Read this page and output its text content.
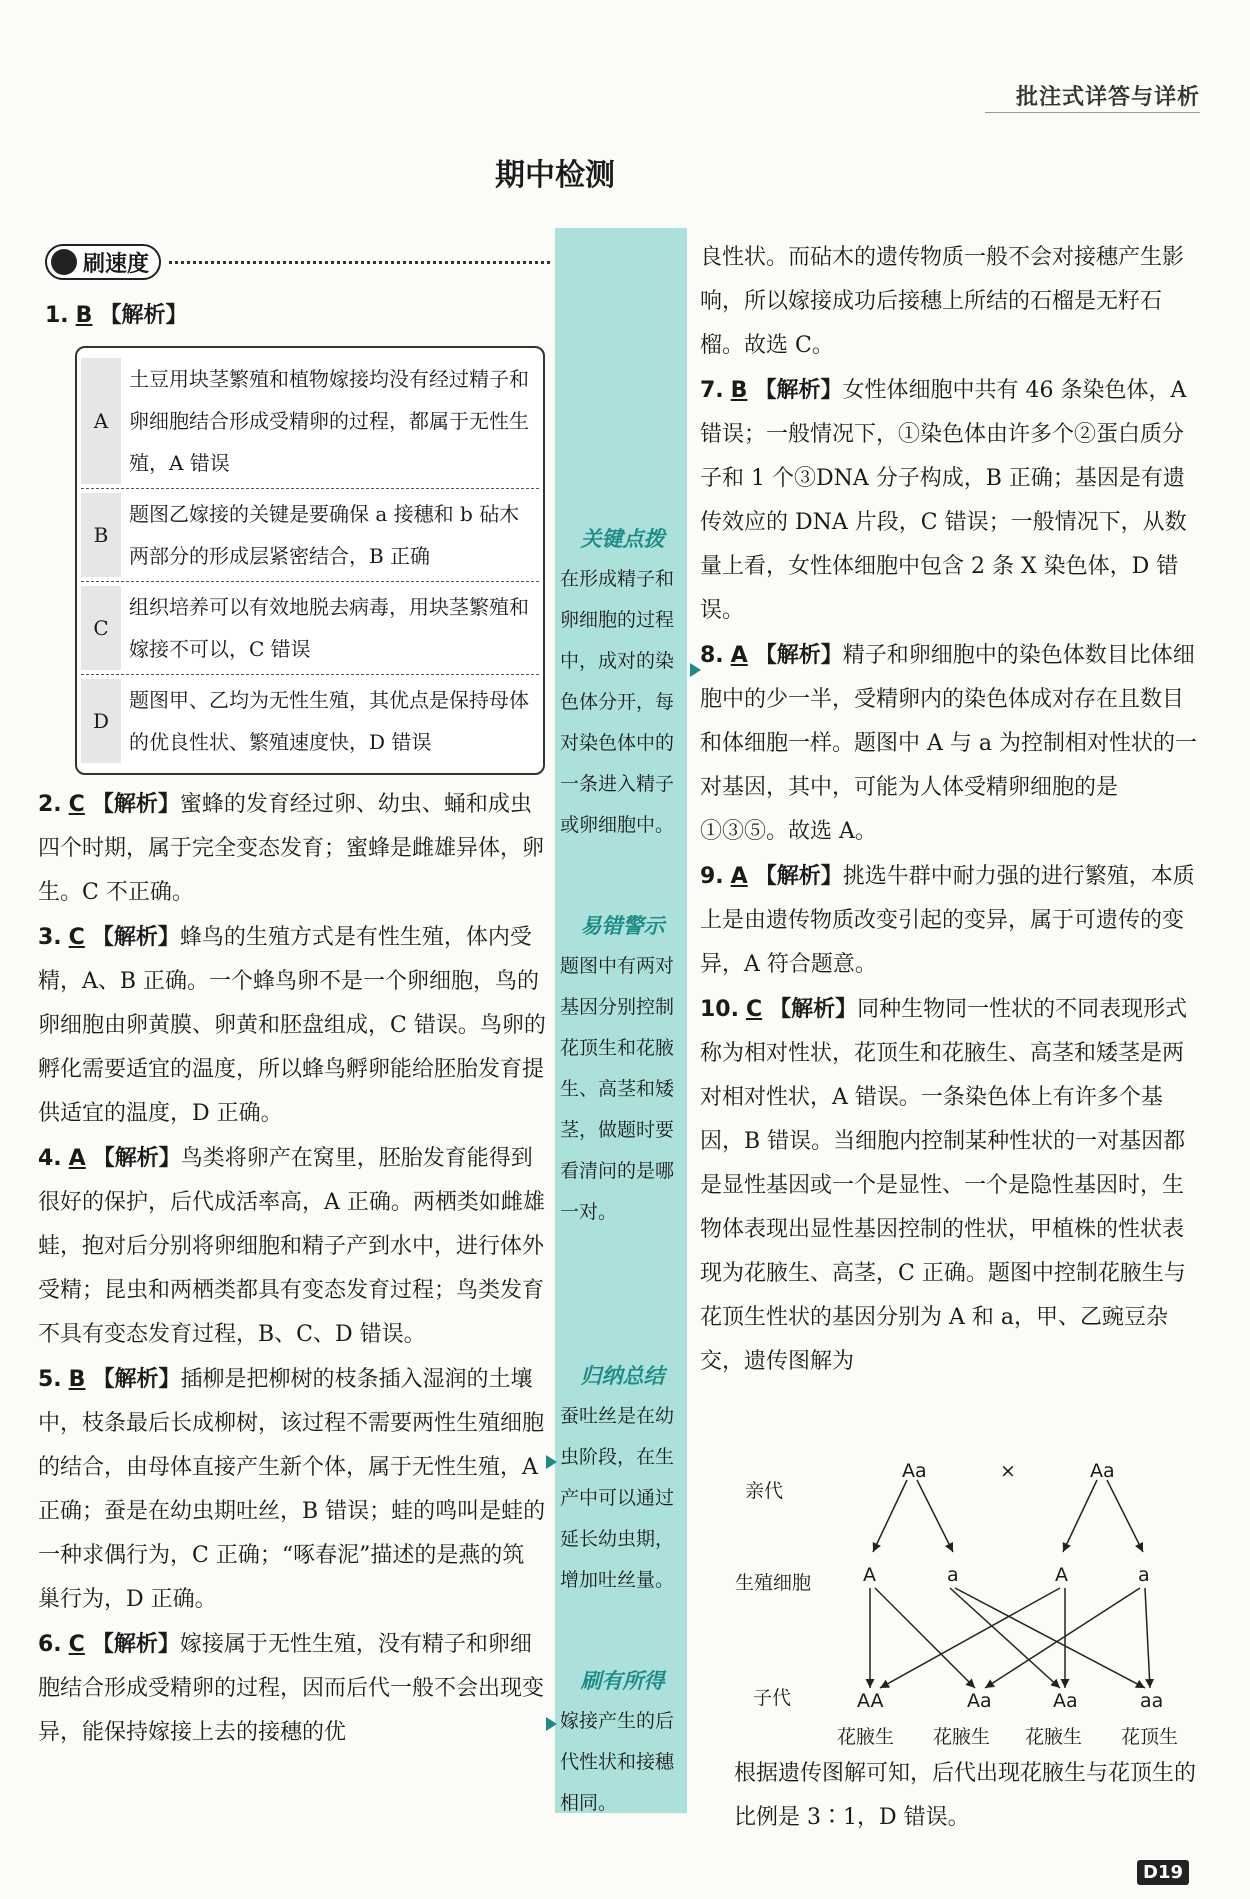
批注式详答与详析
期中检测
刷速度
1. B 【解析】
A
土豆用块茎繁殖和植物嫁接均没有经过精子和卵细胞结合形成受精卵的过程，都属于无性生殖，A 错误
B
题图乙嫁接的关键是要确保 a 接穗和 b 砧木两部分的形成层紧密结合，B 正确
C
组织培养可以有效地脱去病毒，用块茎繁殖和嫁接不可以，C 错误
D
题图甲、乙均为无性生殖，其优点是保持母体的优良性状、繁殖速度快，D 错误

2. C 【解析】蜜蜂的发育经过卵、幼虫、蛹和成虫四个时期，属于完全变态发育；蜜蜂是雌雄异体，卵生。C 不正确。

3. C 【解析】蜂鸟的生殖方式是有性生殖，体内受精，A、B 正确。一个蜂鸟卵不是一个卵细胞，鸟的卵细胞由卵黄膜、卵黄和胚盘组成，C 错误。鸟卵的孵化需要适宜的温度，所以蜂鸟孵卵能给胚胎发育提供适宜的温度，D 正确。

4. A 【解析】鸟类将卵产在窝里，胚胎发育能得到很好的保护，后代成活率高，A 正确。两栖类如雌雄蛙，抱对后分别将卵细胞和精子产到水中，进行体外受精；昆虫和两栖类都具有变态发育过程；鸟类发育不具有变态发育过程，B、C、D 错误。

5. B 【解析】插柳是把柳树的枝条插入湿润的土壤中，枝条最后长成柳树，该过程不需要两性生殖细胞的结合，由母体直接产生新个体，属于无性生殖，A 正确；蚕是在幼虫期吐丝，B 错误；蛙的鸣叫是蛙的一种求偶行为，C 正确；“啄春泥”描述的是燕的筑巢行为，D 正确。

6. C 【解析】嫁接属于无性生殖，没有精子和卵细胞结合形成受精卵的过程，因而后代一般不会出现变异，能保持嫁接上去的接穗的优

关键点拨
在形成精子和卵细胞的过程中，成对的染色体分开，每对染色体中的一条进入精子或卵细胞中。
易错警示
题图中有两对基因分别控制花顶生和花腋生、高茎和矮茎，做题时要看清问的是哪一对。
归纳总结
蚕吐丝是在幼虫阶段，在生产中可以通过延长幼虫期，增加吐丝量。
刷有所得
嫁接产生的后代性状和接穗相同。

良性状。而砧木的遗传物质一般不会对接穗产生影响，所以嫁接成功后接穗上所结的石榴是无籽石榴。故选 C。

7. B 【解析】女性体细胞中共有 46 条染色体，A 错误；一般情况下，①染色体由许多个②蛋白质分子和 1 个③DNA 分子构成，B 正确；基因是有遗传效应的 DNA 片段，C 错误；一般情况下，从数量上看，女性体细胞中包含 2 条 X 染色体，D 错误。

8. A 【解析】精子和卵细胞中的染色体数目比体细胞中的少一半，受精卵内的染色体成对存在且数目和体细胞一样。题图中 A 与 a 为控制相对性状的一对基因，其中，可能为人体受精卵细胞的是①③⑤。故选 A。

9. A 【解析】挑选牛群中耐力强的进行繁殖，本质上是由遗传物质改变引起的变异，属于可遗传的变异，A 符合题意。

10. C 【解析】同种生物同一性状的不同表现形式称为相对性状，花顶生和花腋生、高茎和矮茎是两对相对性状，A 错误。一条染色体上有许多个基因，B 错误。当细胞内控制某种性状的一对基因都是显性基因或一个是显性、一个是隐性基因时，生物体表现出显性基因控制的性状，甲植株的性状表现为花腋生、高茎，C 正确。题图中控制花腋生与花顶生性状的基因分别为 A 和 a，甲、乙豌豆杂交，遗传图解为

亲代
生殖细胞
子代
Aa	×	Aa
A	a	A	a
AA	Aa	Aa	aa
花腋生 花腋生 花腋生 花顶生
根据遗传图解可知，后代出现花腋生与花顶生的比例是 3∶1，D 错误。
D19
